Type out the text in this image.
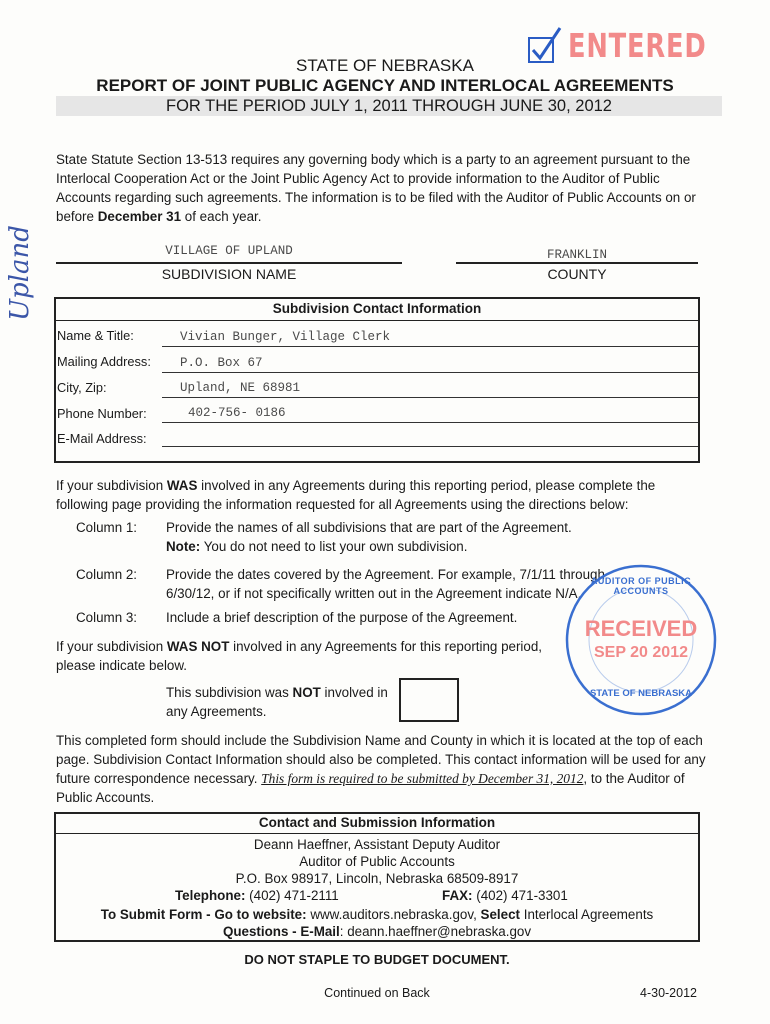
STATE OF NEBRASKA
REPORT OF JOINT PUBLIC AGENCY AND INTERLOCAL AGREEMENTS
FOR THE PERIOD JULY 1, 2011 THROUGH JUNE 30, 2012
ENTERED
Upland
State Statute Section 13-513 requires any governing body which is a party to an agreement pursuant to the Interlocal Cooperation Act or the Joint Public Agency Act to provide information to the Auditor of Public Accounts regarding such agreements. The information is to be filed with the Auditor of Public Accounts on or before December 31 of each year.
VILLAGE OF UPLAND
SUBDIVISION NAME
FRANKLIN
COUNTY
Subdivision Contact Information
Name & Title:	Vivian Bunger, Village Clerk
Mailing Address: P.O. Box 67
City, Zip:	Upland, NE 68981
Phone Number:	402-756- 0186
E-Mail Address:
If your subdivision WAS involved in any Agreements during this reporting period, please complete the following page providing the information requested for all Agreements using the directions below:
Column 1: Provide the names of all subdivisions that are part of the Agreement.
Note: You do not need to list your own subdivision.
Column 2: Provide the dates covered by the Agreement. For example, 7/1/11 through 6/30/12, or if not specifically written out in the Agreement indicate N/A.
Column 3: Include a brief description of the purpose of the Agreement.
If your subdivision WAS NOT involved in any Agreements for this reporting period, please indicate below.
This subdivision was NOT involved in any Agreements.
AUDITOR OF PUBLIC ACCOUNTS
RECEIVED
SEP 20 2012
STATE OF NEBRASKA
This completed form should include the Subdivision Name and County in which it is located at the top of each page. Subdivision Contact Information should also be completed. This contact information will be used for any future correspondence necessary. This form is required to be submitted by December 31, 2012, to the Auditor of Public Accounts.
Contact and Submission Information
Deann Haeffner, Assistant Deputy Auditor
Auditor of Public Accounts
P.O. Box 98917, Lincoln, Nebraska 68509-8917
Telephone: (402) 471-2111	FAX: (402) 471-3301
To Submit Form - Go to website: www.auditors.nebraska.gov, Select Interlocal Agreements
Questions - E-Mail: deann.haeffner@nebraska.gov
DO NOT STAPLE TO BUDGET DOCUMENT.
Continued on Back	4-30-2012
